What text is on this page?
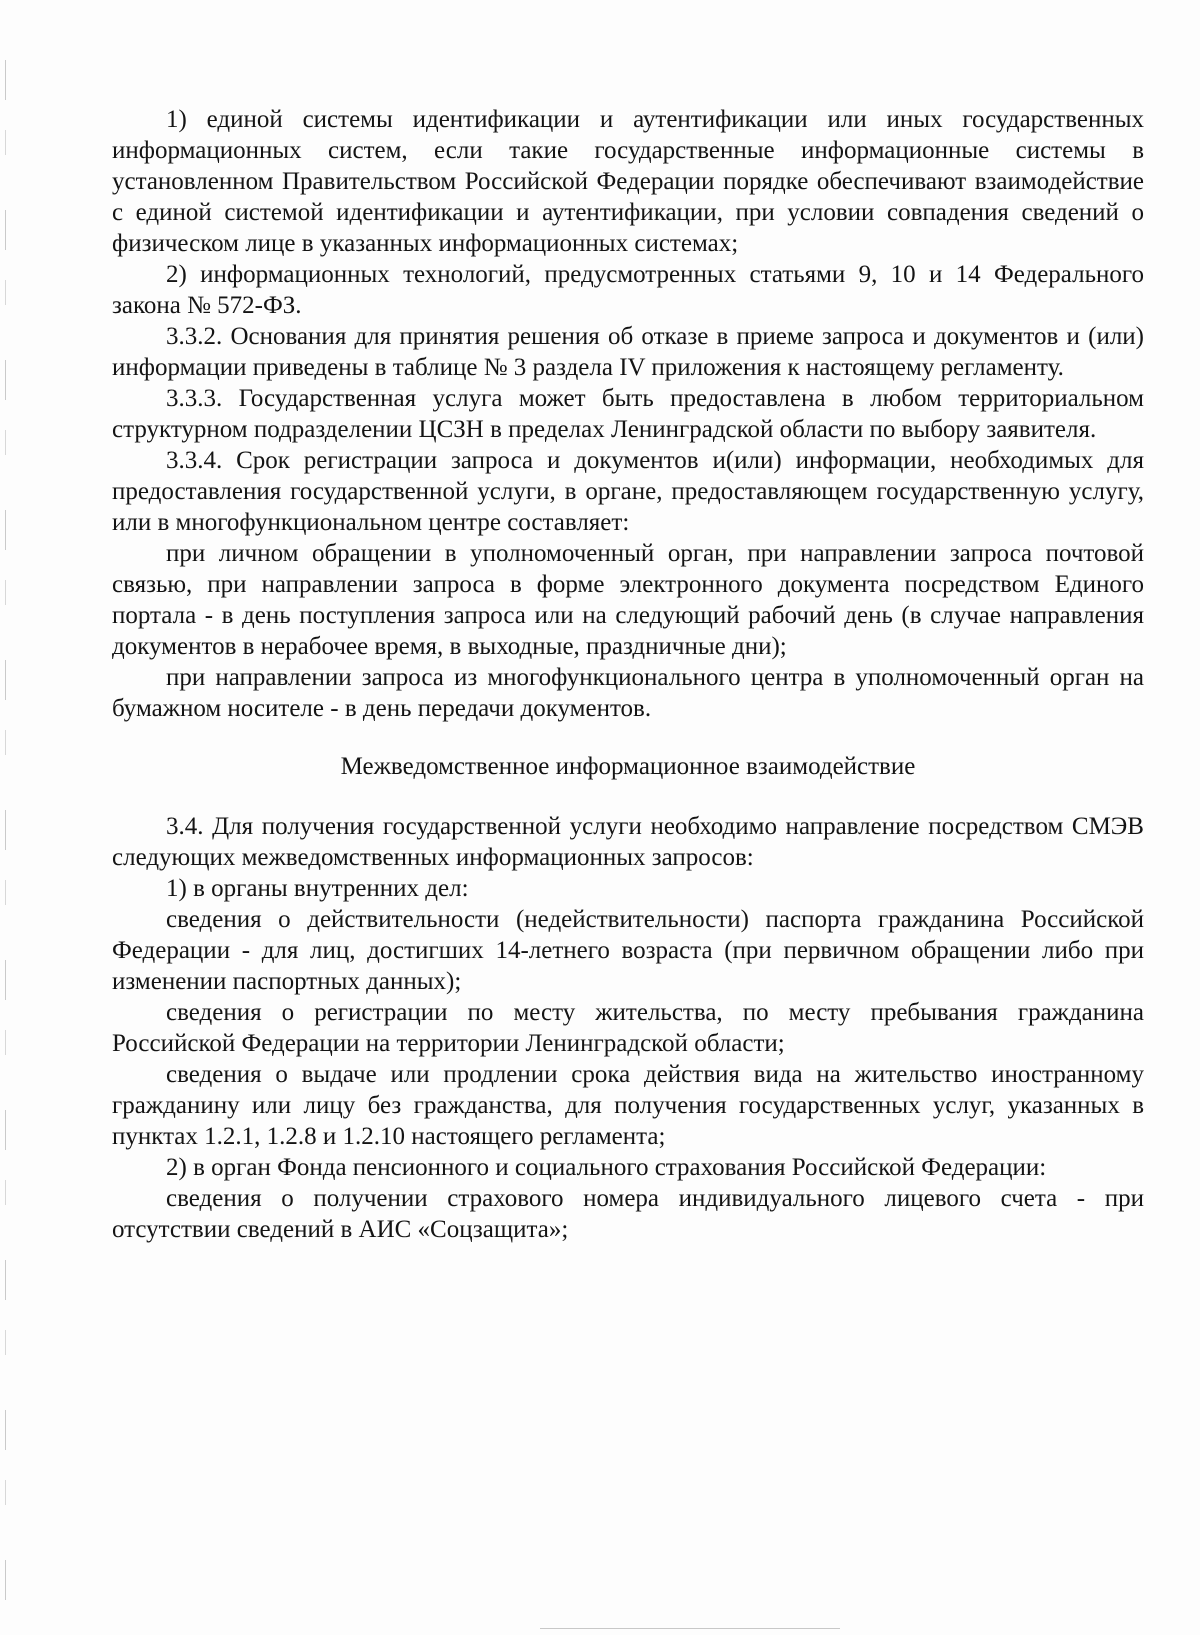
1) единой системы идентификации и аутентификации или иных государственных информационных систем, если такие государственные информационные системы в установленном Правительством Российской Федерации порядке обеспечивают взаимодействие с единой системой идентификации и аутентификации, при условии совпадения сведений о физическом лице в указанных информационных системах;

2) информационных технологий, предусмотренных статьями 9, 10 и 14 Федерального закона № 572-ФЗ.

3.3.2. Основания для принятия решения об отказе в приеме запроса и документов и (или) информации приведены в таблице № 3 раздела IV приложения к настоящему регламенту.

3.3.3. Государственная услуга может быть предоставлена в любом территориальном структурном подразделении ЦСЗН в пределах Ленинградской области по выбору заявителя.

3.3.4. Срок регистрации запроса и документов и(или) информации, необходимых для предоставления государственной услуги, в органе, предоставляющем государственную услугу, или в многофункциональном центре составляет:

при личном обращении в уполномоченный орган, при направлении запроса почтовой связью, при направлении запроса в форме электронного документа посредством Единого портала - в день поступления запроса или на следующий рабочий день (в случае направления документов в нерабочее время, в выходные, праздничные дни);

при направлении запроса из многофункционального центра в уполномоченный орган на бумажном носителе - в день передачи документов.

Межведомственное информационное взаимодействие

3.4. Для получения государственной услуги необходимо направление посредством СМЭВ следующих межведомственных информационных запросов:

1) в органы внутренних дел:

сведения о действительности (недействительности) паспорта гражданина Российской Федерации - для лиц, достигших 14-летнего возраста (при первичном обращении либо при изменении паспортных данных);

сведения о регистрации по месту жительства, по месту пребывания гражданина Российской Федерации на территории Ленинградской области;

сведения о выдаче или продлении срока действия вида на жительство иностранному гражданину или лицу без гражданства, для получения государственных услуг, указанных в пунктах 1.2.1, 1.2.8 и 1.2.10 настоящего регламента;

2) в орган Фонда пенсионного и социального страхования Российской Федерации:

сведения о получении страхового номера индивидуального лицевого счета - при отсутствии сведений в АИС «Соцзащита»;
